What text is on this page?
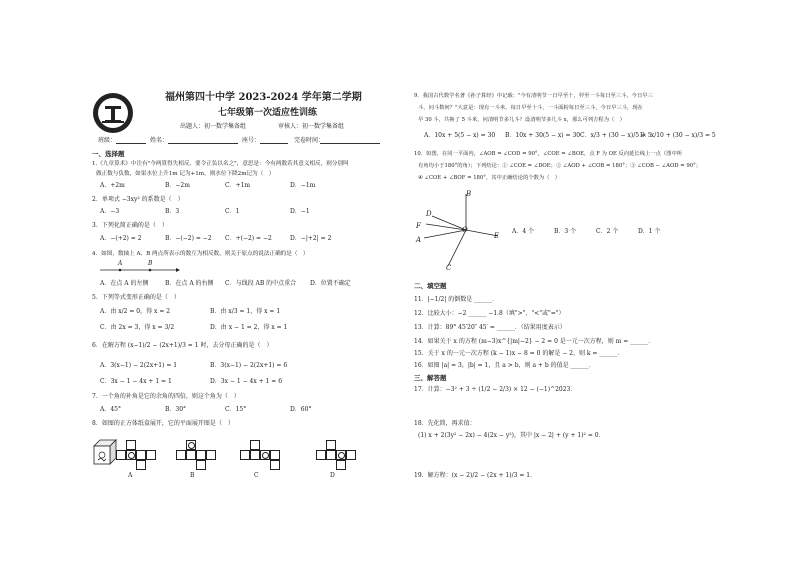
福州第四十中学 2023-2024 学年第二学期
七年级第一次适应性训练
出题人：初一数学集备组	审核人：初一数学集备组
班级：	姓名：	座号：	完卷时间：
一、选择题
1.《九章算术》中注有"今两算得失相反，要令正负以名之"，意思是：今有两数若其意义相反，则分别叫
做正数与负数，如果水位上升1m 记为+1m，则水位下降2m记为（　）
A．+2m	B．−2m	C．+1m	D．−1m
2．单项式 −3xy² 的系数是（　）
A．−3	B．3	C．1	D．−1
3．下列化简正确的是（　）
A．−(+2) = 2	B．−(−2) = −2 C．+(−2) = −2	D．−|+2| = 2
4．如图，数轴上 A、B 两点所表示的数互为相反数，则关于原点的说法正确的是（　）
A	B
A．在点 A 的左侧	B．在点 A 的右侧 C．与线段 AB 的中点重合 D．位置不确定
5．下列等式变形正确的是（　）
A．由 x/2 = 0，得 x = 2	B．由 x/3 = 1，得 x = 1
C．由 2x = 3，得 x = 3/2	D．由 x − 1 = 2，得 x = 1
6．在解方程 (x−1)/2 − (2x+1)/3 = 1 时，去分母正确的是（　）
A．3(x−1) − 2(2x+1) = 1	B．3(x−1) − 2(2x+1) = 6
C．3x − 1 − 4x + 1 = 1	D．3x − 1 − 4x + 1 = 6
7．一个角的补角是它的余角的四倍，则这个角为（　）
A．45°	B．30°	C．15°	D．60°
8．如图的正方体纸盒展开，它的平面展开图是（　）
A	B	C	D
9．我国古代数学名著《孙子算经》中记载："今有清明节一日早至十，羿至一斗每日至三斗，今日早三
斗，问斗数何？"大意是：现有一斗米，每日早至十斗，一斗面粉每日至三斗，今日早三斗，现在
早 30 斗，共换了 5 斗米，问清明节多几斗？设清明节多几斗 x，那么可列方程为（　）
A．10x + 5(5 − x) = 30 B．10x + 30(5 − x) = 30 C．x/3 + (30 − x)/5 = 5
D．x/10 + (30 − x)/3 = 5
10．如图，在同一平面内，∠AOB = ∠COD = 90°，∠COE = ∠BOE，点 F 为 OE 反向延长线上一点（图中所
有角均小于180°的角）；下列结论：① ∠COE = ∠DOE；② ∠AOD + ∠COB = 180°；③ ∠COB − ∠AOD = 90°；
④ ∠COE + ∠BOF = 180°，其中正确结论的个数为（　）
B
D
F
A
O
E
C
A．4 个	B．3 个	C．2 个	D．1 个
二、填空题
11．|−1/2| 的倒数是 ______．
12．比较大小：−2 ______ −1.8（填">"、"<"或"="）
13．计算：89° 45′20″ 45′ = ______．（结果用度表示）
14．如果关于 x 的方程 (m−3)x^{|m|−2} − 2 = 0 是一元一次方程，则 m = ______．
15．关于 x 的一元一次方程 (k − 1)x − 8 = 0 的解是 − 2，则 k = ______．
16．如图 |a| = 3，|b| = 1，且 a > b，则 a + b 的值是 ______．
三、解答题
17．计算：−3² + 3 ÷ (1/2 − 2/3) × 12 − (−1)^2023．
18．先化简，再求值：
(1) x + 2(3y² − 2x) − 4(2x − y²)，其中 |x − 2| + (y + 1)² = 0．
19．解方程：(x − 2)/2 − (2x + 1)/3 = 1．
